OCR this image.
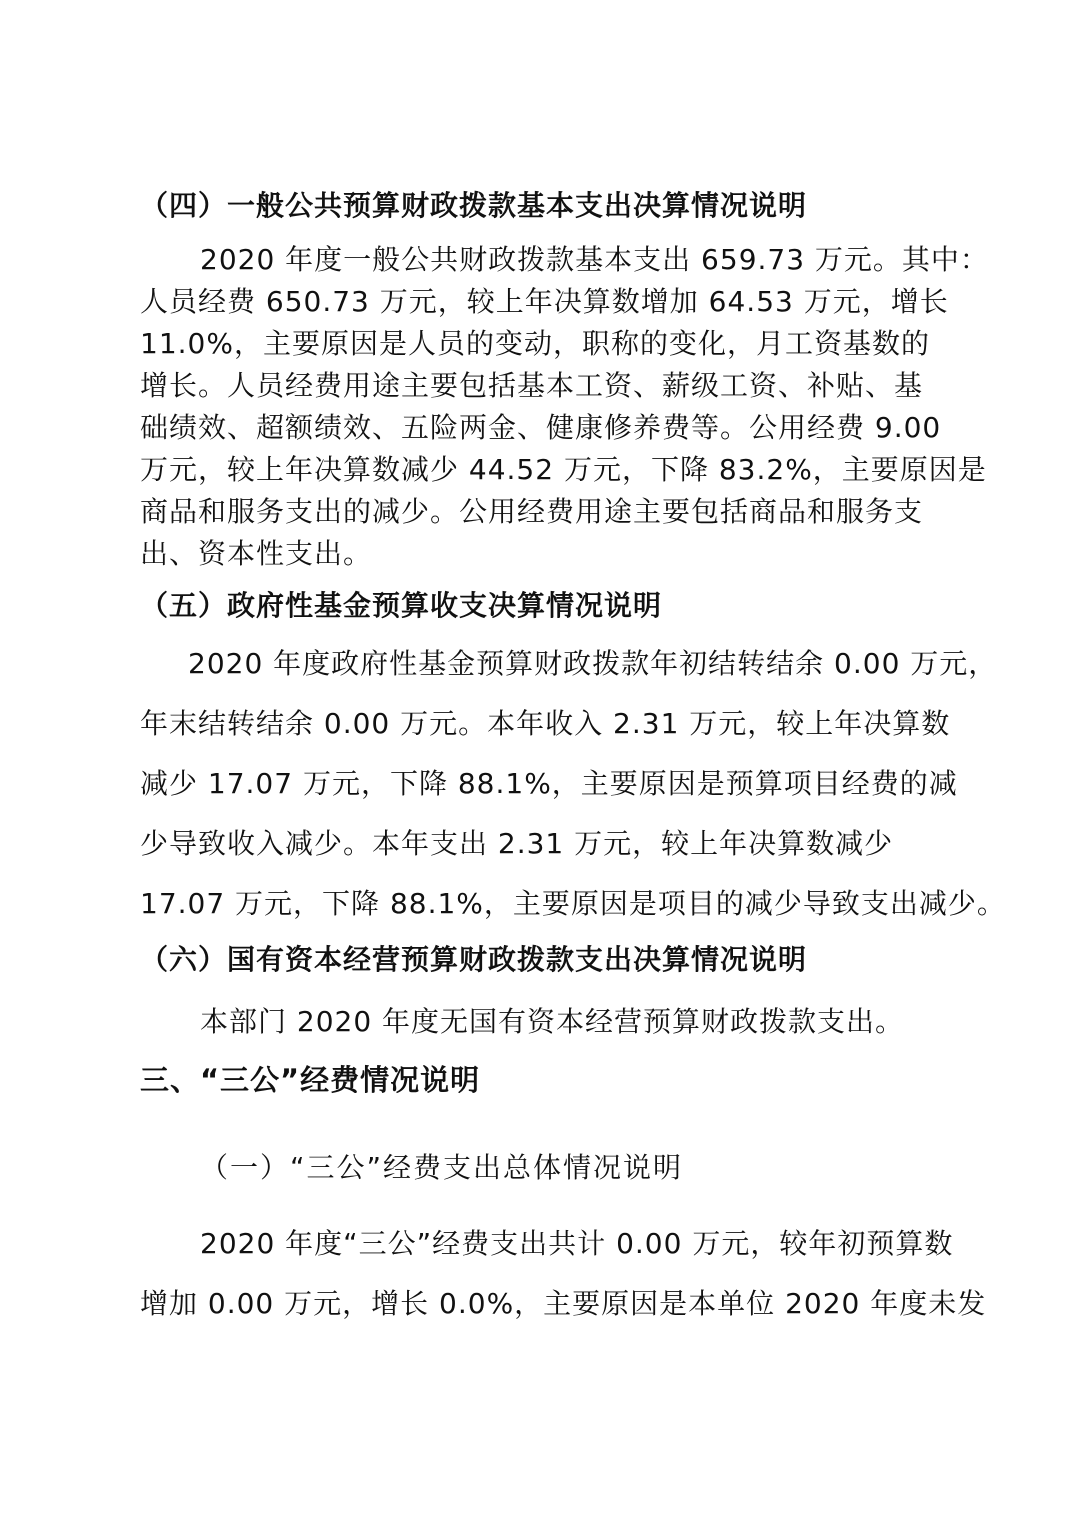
（四）一般公共预算财政拨款基本支出决算情况说明
2020 年度一般公共财政拨款基本支出 659.73 万元。其中：
人员经费 650.73 万元，较上年决算数增加 64.53 万元，增长
11.0%，主要原因是人员的变动，职称的变化，月工资基数的
增长。人员经费用途主要包括基本工资、薪级工资、补贴、基
础绩效、超额绩效、五险两金、健康修养费等。公用经费 9.00
万元，较上年决算数减少 44.52 万元，下降 83.2%，主要原因是
商品和服务支出的减少。公用经费用途主要包括商品和服务支
出、资本性支出。
（五）政府性基金预算收支决算情况说明
2020 年度政府性基金预算财政拨款年初结转结余 0.00 万元，
年末结转结余 0.00 万元。本年收入 2.31 万元，较上年决算数
减少 17.07 万元，下降 88.1%，主要原因是预算项目经费的减
少导致收入减少。本年支出 2.31 万元，较上年决算数减少
17.07 万元，下降 88.1%，主要原因是项目的减少导致支出减少。
（六）国有资本经营预算财政拨款支出决算情况说明
本部门 2020 年度无国有资本经营预算财政拨款支出。
三、“三公”经费情况说明
（一）“三公”经费支出总体情况说明
2020 年度“三公”经费支出共计 0.00 万元，较年初预算数
增加 0.00 万元，增长 0.0%，主要原因是本单位 2020 年度未发
